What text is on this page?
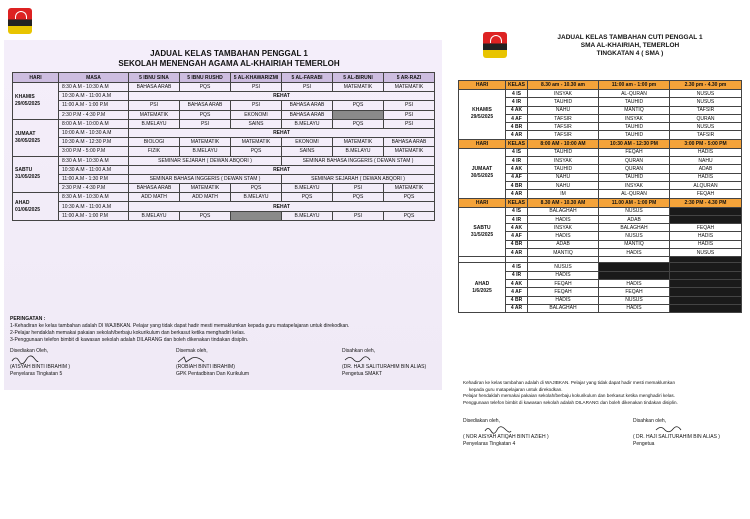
JADUAL KELAS TAMBAHAN PENGGAL 1
SEKOLAH MENENGAH AGAMA AL-KHAIRIAH TEMERLOH
HARI	MASA	5 IBNU SINA	5 IBNU RUSHD	5 AL-KHAWARIZMI	5 AL-FARABI	5 AL-BIRUNI	5 AR-RAZI

KHAMIS
29/05/2025	8:30 A.M - 10:30 A.M	BAHASA ARAB	PQS	PSI	PSI	MATEMATIK	MATEMATIK
	10:30 A.M - 11:00 A.M	REHAT					
	11:00 A.M - 1:00 P.M	PSI	BAHASA ARAB	PSI	BAHASA ARAB	PQS	PSI
	2:30 P.M - 4:30 P.M	MATEMATIK	PQS	EKONOMI	BAHASA ARAB		PSI

JUMAAT
30/05/2025	8:00 A.M - 10:00 A.M	B.MELAYU	PSI	SAINS	B.MELAYU	PQS	PSI
	10:00 A.M - 10:30 A.M	REHAT					
	10:30 A.M - 12:30 P.M	BIOLOGI	MATEMATIK	MATEMATIK	EKONOMI	MATEMATIK	BAHASA ARAB
	3:00 P.M - 5:00 P.M	FIZIK	B.MELAYU	PQS	SAINS	B.MELAYU	MATEMATIK

SABTU
31/05/2025	8:30 A.M - 10:30 A.M	SEMINAR SEJARAH ( DEWAN ABQORI )			SEMINAR BAHASA INGGERIS ( DEWAN STAM )		
	10:30 A.M - 11:00 A.M	REHAT					
	11:00 A.M - 1:30 P.M	SEMINAR BAHASA INGGERIS ( DEWAN STAM )			SEMINAR SEJARAH ( DEWAN ABQORI )		
	2:30 P.M - 4:30 P.M	BAHASA ARAB	MATEMATIK	PQS	B.MELAYU	PSI	MATEMATIK

AHAD
01/06/2025	8:30 A.M - 10:30 A.M	ADD MATH	ADD MATH	B.MELAYU	PQS	PQS	PQS
	10:30 A.M - 11:00 A.M	REHAT					
	11:00 A.M - 1:00 P.M	B.MELAYU	PQS		B.MELAYU	PSI	PQS
PERINGATAN :
1-Kehadiran ke kelas tambahan adalah DI WAJIBKAN. Pelajar yang tidak dapat hadir mesti memaklumkan kepada guru matapelajaran untuk direkodkan.
2-Pelajar hendaklah memakai pakaian sekolah/berbaju kokurikulum dan berkasut ketika menghadiri kelas.
3-Penggunaan telefon bimbit di kawasan sekolah adalah DILARANG dan boleh dikenakan tindakan disiplin.
Disediakan Oleh,
(A'ISYAH BINTI IBRAHIM )
Penyelaras Tingkatan 5
Disemak oleh,
(ROBIAH BINTI IBRAHIM)
GPK Pentadbiran Dan Kurikulum
Disahkan oleh,
(DR. HAJI SALITURAHIM BIN ALIAS)
Pengetua SMAKT
JADUAL KELAS TAMBAHAN CUTI PENGGAL 1
SMA AL-KHAIRIAH, TEMERLOH
TINGKATAN 4 ( SMA )
HARI	KELAS	8.30 am - 10.30 am	11:00 am - 1:00 pm	2.30 pm - 4.30 pm

KHAMIS
29/5/2025	4 IS	INSYAK	AL-QURAN	NUSUS
	4 IR	TAUHID	TAUHID	NUSUS
	4 AK	NAHU	MANTIQ	TAFSIR
	4 AF	TAFSIR	INSYAK	QURAN
	4 BR	TAFSIR	TAUHID	NUSUS
	4 AR	TAFSIR	TAUHID	TAFSIR
HARI	KELAS	8:00 AM - 10:00 AM	10:30 AM - 12:30 PM	3:00 PM - 5:00 PM

JUMAAT
30/5/2025	4 IS	TAUHID	FEQAH	HADIS
	4 IR	INSYAK	QURAN	NAHU
	4 AK	TAUHID	QURAN	ADAB
	4 AF	NAHU	TAUHID	HADIS
	4 BR	NAHU	INSYAK	ALQURAN
	4 AR	IM	AL-QURAN	FEQAH
HARI	KELAS	8.30 AM - 10.30 AM	11.00 AM - 1:00 PM	2:30 PM - 4.30 PM

SABTU
31/5/2025	4 IS	BALAGHAH	NUSUS	
	4 IR	HADIS	ADAB	
	4 AK	INSYAK	BALAGHAH	FEQAH
	4 AF	HADIS	NUSUS	HADIS
	4 BR	ADAB	MANTIQ	HADIS
	4 AR	MANTIQ	HADIS	NUSUS

AHAD
1/6/2025	4 IS	NUSUS		
	4 IR	HADIS		
	4 AK	FEQAH	HADIS	
	4 AF	FEQAH	FEQAH	
	4 BR	HADIS	NUSUS	
	4 AR	BALAGHAH	HADIS	
Kehadiran ke kelas tambahan adalah di WAJIBKAN. Pelajar yang tidak dapat hadir mesti memaklumkan
kepada guru matapelajaran untuk direkodkan.
Pelajar hendaklah memakai pakaian sekolah/berbaju kokurikulum dan berkasut ketika menghadiri kelas.
Penggunaan telefon bimbit di kawasan sekolah adalah DILARANG dan boleh dikenakan tindakan disiplin.
Disediakan oleh,
( NOR AISYAH ATIQAH BINTI AZIEH )
Penyelaras Tingkatan 4
Disahkan oleh,
( DR. HAJI SALITURAHIM BIN ALIAS )
Pengetua
